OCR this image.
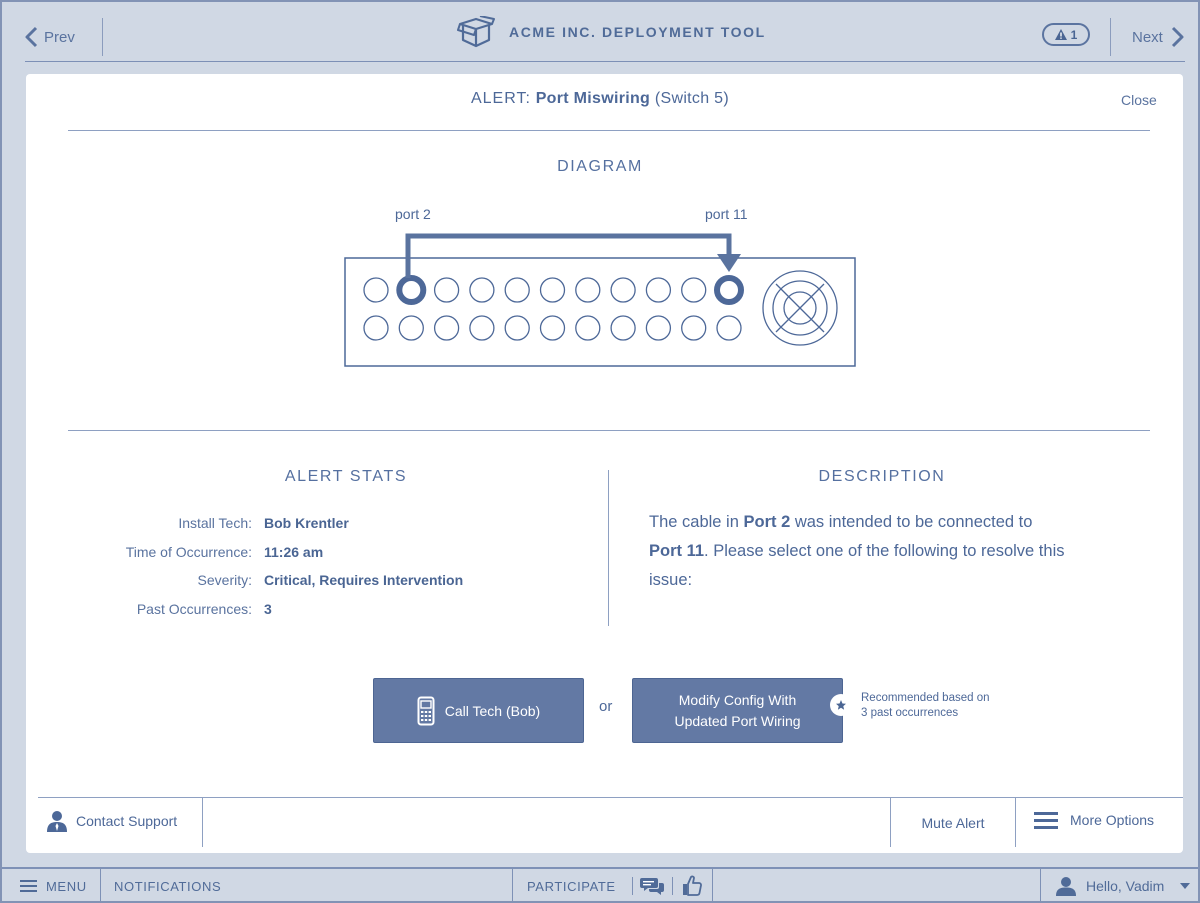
Prev	ACME INC. DEPLOYMENT TOOL	1	Next
ALERT: Port Miswiring (Switch 5)	Close
DIAGRAM
port 2	port 11
ALERT STATS
Install Tech: Bob Krentler
Time of Occurrence: 11:26 am
Severity: Critical, Requires Intervention
Past Occurrences: 3
DESCRIPTION
The cable in Port 2 was intended to be connected to Port 11. Please select one of the following to resolve this issue:
Call Tech (Bob)	or	Modify Config With
Updated Port Wiring
Recommended based on
3 past occurrences
Contact Support	Mute Alert	More Options
MENU NOTIFICATIONS	PARTICIPATE	Hello, Vadim
